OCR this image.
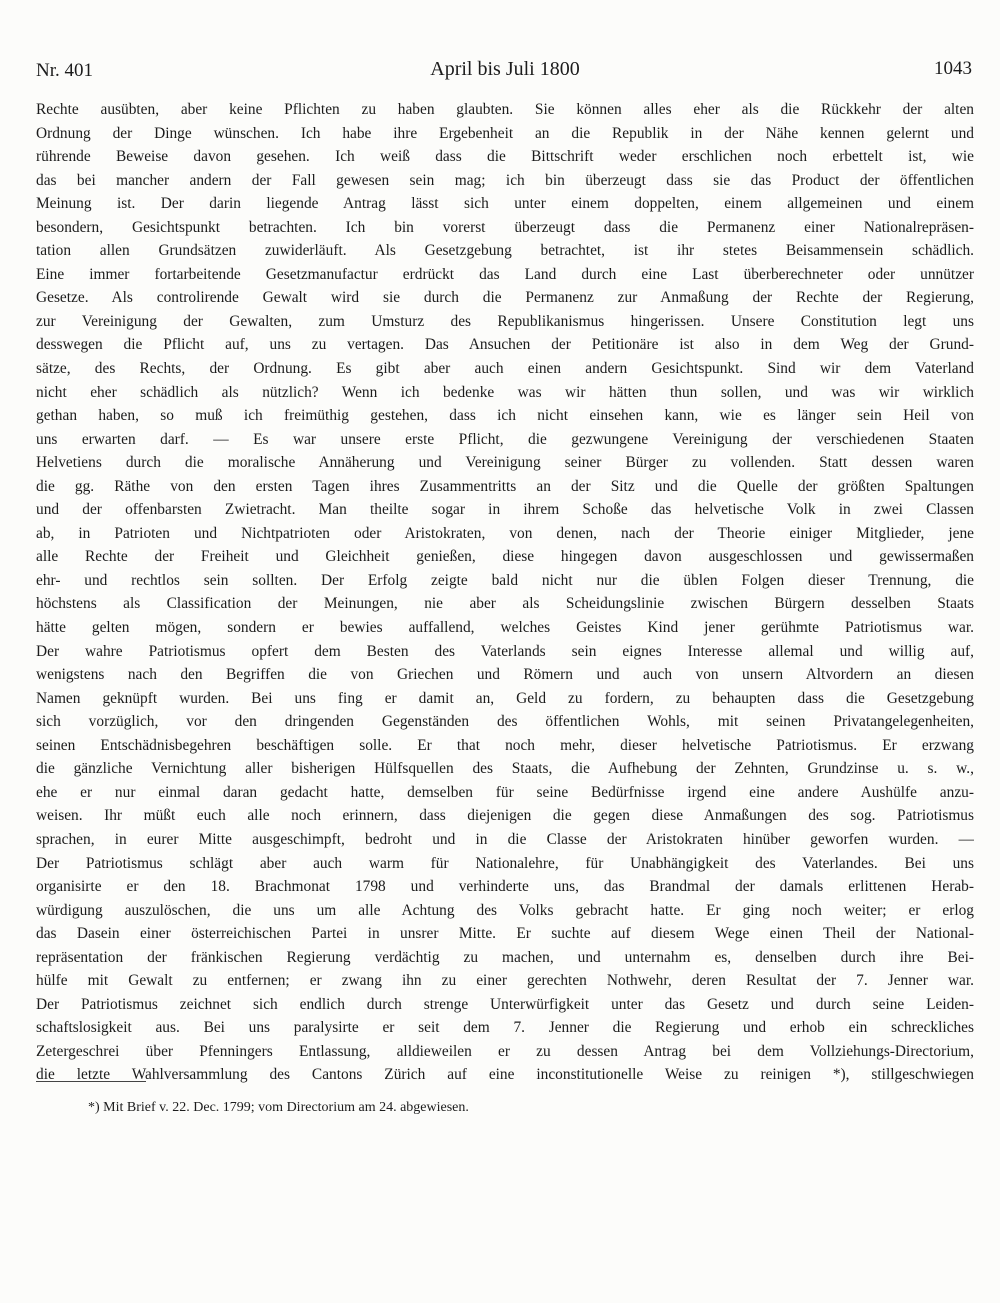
Nr. 401	April bis Juli 1800	1043
Rechte ausübten, aber keine Pflichten zu haben glaubten. Sie können alles eher als die Rückkehr der alten
Ordnung der Dinge wünschen. Ich habe ihre Ergebenheit an die Republik in der Nähe kennen gelernt und
rührende Beweise davon gesehen. Ich weiß dass die Bittschrift weder erschlichen noch erbettelt ist, wie
das bei mancher andern der Fall gewesen sein mag; ich bin überzeugt dass sie das Product der öffentlichen
Meinung ist. Der darin liegende Antrag lässt sich unter einem doppelten, einem allgemeinen und einem
besondern, Gesichtspunkt betrachten. Ich bin vorerst überzeugt dass die Permanenz einer Nationalrepräsen-
tation allen Grundsätzen zuwiderläuft. Als Gesetzgebung betrachtet, ist ihr stetes Beisammensein schädlich.
Eine immer fortarbeitende Gesetzmanufactur erdrückt das Land durch eine Last überberechneter oder unnützer
Gesetze. Als controlirende Gewalt wird sie durch die Permanenz zur Anmaßung der Rechte der Regierung,
zur Vereinigung der Gewalten, zum Umsturz des Republikanismus hingerissen. Unsere Constitution legt uns
desswegen die Pflicht auf, uns zu vertagen. Das Ansuchen der Petitionäre ist also in dem Weg der Grund-
sätze, des Rechts, der Ordnung. Es gibt aber auch einen andern Gesichtspunkt. Sind wir dem Vaterland
nicht eher schädlich als nützlich? Wenn ich bedenke was wir hätten thun sollen, und was wir wirklich
gethan haben, so muß ich freimüthig gestehen, dass ich nicht einsehen kann, wie es länger sein Heil von
uns erwarten darf. — Es war unsere erste Pflicht, die gezwungene Vereinigung der verschiedenen Staaten
Helvetiens durch die moralische Annäherung und Vereinigung seiner Bürger zu vollenden. Statt dessen waren
die gg. Räthe von den ersten Tagen ihres Zusammentritts an der Sitz und die Quelle der größten Spaltungen
und der offenbarsten Zwietracht. Man theilte sogar in ihrem Schoße das helvetische Volk in zwei Classen
ab, in Patrioten und Nichtpatrioten oder Aristokraten, von denen, nach der Theorie einiger Mitglieder, jene
alle Rechte der Freiheit und Gleichheit genießen, diese hingegen davon ausgeschlossen und gewissermaßen
ehr- und rechtlos sein sollten. Der Erfolg zeigte bald nicht nur die üblen Folgen dieser Trennung, die
höchstens als Classification der Meinungen, nie aber als Scheidungslinie zwischen Bürgern desselben Staats
hätte gelten mögen, sondern er bewies auffallend, welches Geistes Kind jener gerühmte Patriotismus war.
Der wahre Patriotismus opfert dem Besten des Vaterlands sein eignes Interesse allemal und willig auf,
wenigstens nach den Begriffen die von Griechen und Römern und auch von unsern Altvordern an diesen
Namen geknüpft wurden. Bei uns fing er damit an, Geld zu fordern, zu behaupten dass die Gesetzgebung
sich vorzüglich, vor den dringenden Gegenständen des öffentlichen Wohls, mit seinen Privatangelegenheiten,
seinen Entschädnisbegehren beschäftigen solle. Er that noch mehr, dieser helvetische Patriotismus. Er erzwang
die gänzliche Vernichtung aller bisherigen Hülfsquellen des Staats, die Aufhebung der Zehnten, Grundzinse u. s. w.,
ehe er nur einmal daran gedacht hatte, demselben für seine Bedürfnisse irgend eine andere Aushülfe anzu-
weisen. Ihr müßt euch alle noch erinnern, dass diejenigen die gegen diese Anmaßungen des sog. Patriotismus
sprachen, in eurer Mitte ausgeschimpft, bedroht und in die Classe der Aristokraten hinüber geworfen wurden. —
Der Patriotismus schlägt aber auch warm für Nationalehre, für Unabhängigkeit des Vaterlandes. Bei uns
organisirte er den 18. Brachmonat 1798 und verhinderte uns, das Brandmal der damals erlittenen Herab-
würdigung auszulöschen, die uns um alle Achtung des Volks gebracht hatte. Er ging noch weiter; er erlog
das Dasein einer österreichischen Partei in unsrer Mitte. Er suchte auf diesem Wege einen Theil der National-
repräsentation der fränkischen Regierung verdächtig zu machen, und unternahm es, denselben durch ihre Bei-
hülfe mit Gewalt zu entfernen; er zwang ihn zu einer gerechten Nothwehr, deren Resultat der 7. Jenner war.
Der Patriotismus zeichnet sich endlich durch strenge Unterwürfigkeit unter das Gesetz und durch seine Leiden-
schaftslosigkeit aus. Bei uns paralysirte er seit dem 7. Jenner die Regierung und erhob ein schreckliches
Zetergeschrei über Pfenningers Entlassung, alldieweilen er zu dessen Antrag bei dem Vollziehungs-Directorium,
die letzte Wahlversammlung des Cantons Zürich auf eine inconstitutionelle Weise zu reinigen *), stillgeschwiegen
*) Mit Brief v. 22. Dec. 1799; vom Directorium am 24. abgewiesen.
